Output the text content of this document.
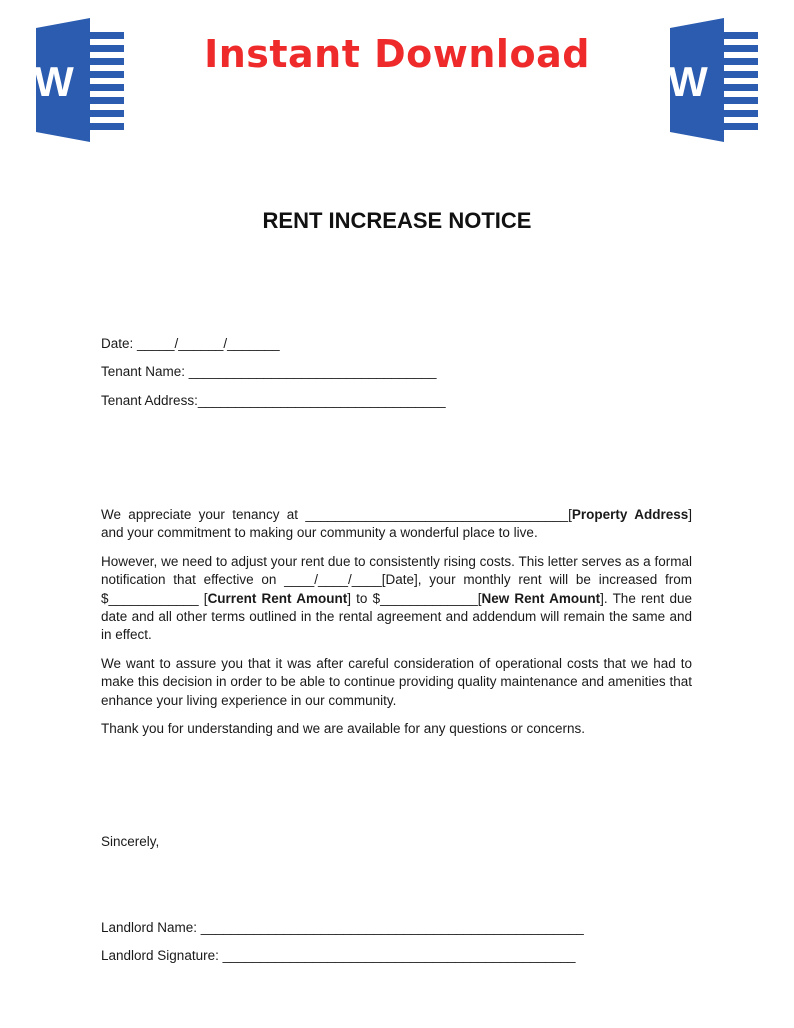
W
Instant Download
W
RENT INCREASE NOTICE
Date: _____/______/_______
Tenant Name: _________________________________
Tenant Address:_________________________________

We appreciate your tenancy at ___________________________________[Property Address] and your commitment to making our community a wonderful place to live.

However, we need to adjust your rent due to consistently rising costs. This letter serves as a formal notification that effective on ____/____/____[Date], your monthly rent will be increased from $____________ [Current Rent Amount] to $_____________[New Rent Amount]. The rent due date and all other terms outlined in the rental agreement and addendum will remain the same and in effect.

We want to assure you that it was after careful consideration of operational costs that we had to make this decision in order to be able to continue providing quality maintenance and amenities that enhance your living experience in our community.

Thank you for understanding and we are available for any questions or concerns.

Sincerely,
Landlord Name: ___________________________________________________
Landlord Signature: _______________________________________________
